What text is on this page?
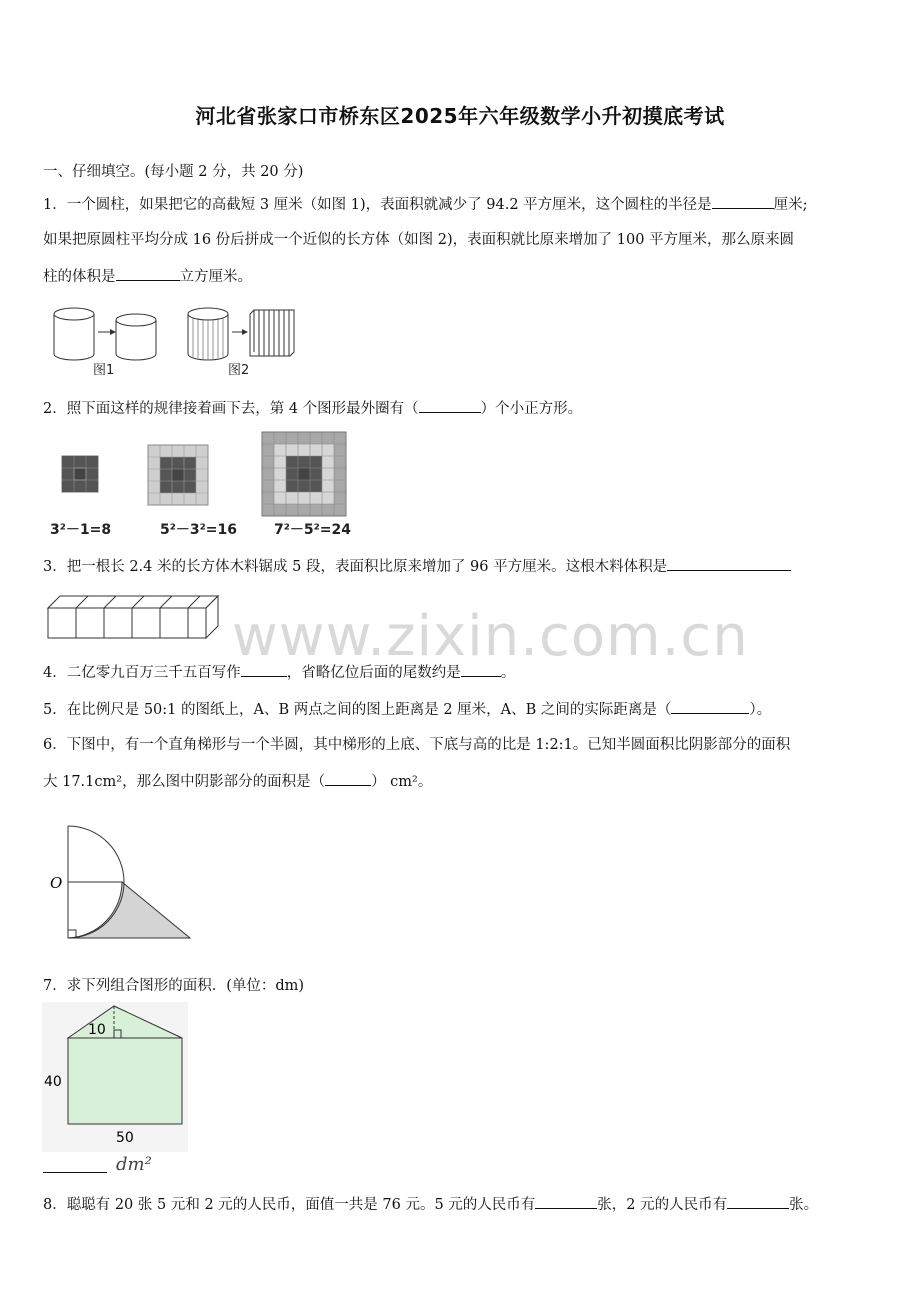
河北省张家口市桥东区2025年六年级数学小升初摸底考试
一、仔细填空。(每小题 2 分，共 20 分)
1．一个圆柱，如果把它的高截短 3 厘米（如图 1)，表面积就减少了 94.2 平方厘米，这个圆柱的半径是	厘米;
如果把原圆柱平均分成 16 份后拼成一个近似的长方体（如图 2)，表面积就比原来增加了 100 平方厘米，那么原来圆
柱的体积是	立方厘米。
图1	图2
2．照下面这样的规律接着画下去，第 4 个图形最外圈有（	）个小正方形。
3²－1=8	5²－3²=16	7²－5²=24
3．把一根长 2.4 米的长方体木料锯成 5 段，表面积比原来增加了 96 平方厘米。这根木料体积是
www.zixin.com.cn
4．二亿零九百万三千五百写作	，省略亿位后面的尾数约是	。
5．在比例尺是 50:1 的图纸上，A、B 两点之间的图上距离是 2 厘米，A、B 之间的实际距离是（	）。
6．下图中，有一个直角梯形与一个半圆，其中梯形的上底、下底与高的比是 1:2:1。已知半圆面积比阴影部分的面积
大 17.1cm²，那么图中阴影部分的面积是（	） cm²。
O
7．求下列组合图形的面积．(单位：dm)
10
40
50
dm²
8．聪聪有 20 张 5 元和 2 元的人民币，面值一共是 76 元。5 元的人民币有	张，2 元的人民币有	张。
